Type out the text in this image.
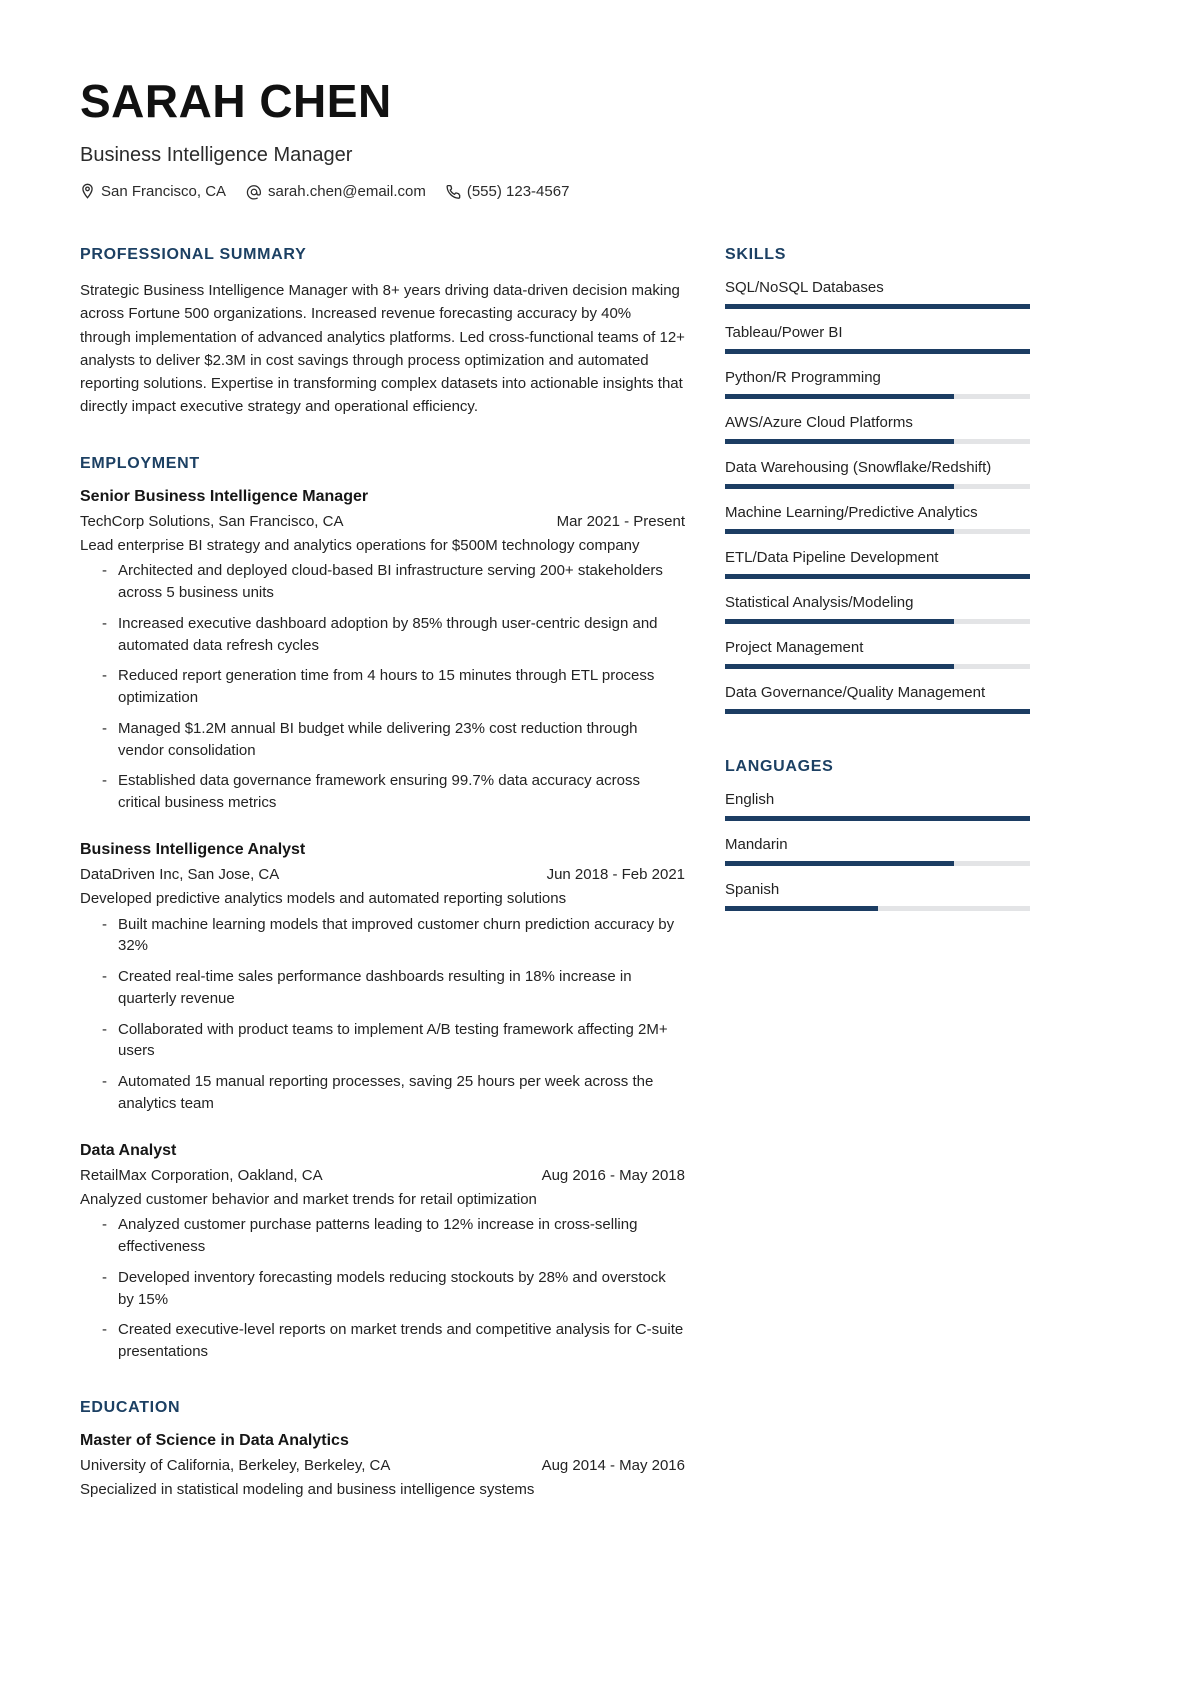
SARAH CHEN
Business Intelligence Manager
San Francisco, CA	sarah.chen@email.com	(555) 123-4567
PROFESSIONAL SUMMARY
Strategic Business Intelligence Manager with 8+ years driving data-driven decision making across Fortune 500 organizations. Increased revenue forecasting accuracy by 40% through implementation of advanced analytics platforms. Led cross-functional teams of 12+ analysts to deliver $2.3M in cost savings through process optimization and automated reporting solutions. Expertise in transforming complex datasets into actionable insights that directly impact executive strategy and operational efficiency.
EMPLOYMENT
Senior Business Intelligence Manager
TechCorp Solutions, San Francisco, CA	Mar 2021 - Present
Lead enterprise BI strategy and analytics operations for $500M technology company
- Architected and deployed cloud-based BI infrastructure serving 200+ stakeholders across 5 business units
- Increased executive dashboard adoption by 85% through user-centric design and automated data refresh cycles
- Reduced report generation time from 4 hours to 15 minutes through ETL process optimization
- Managed $1.2M annual BI budget while delivering 23% cost reduction through vendor consolidation
- Established data governance framework ensuring 99.7% data accuracy across critical business metrics
Business Intelligence Analyst
DataDriven Inc, San Jose, CA	Jun 2018 - Feb 2021
Developed predictive analytics models and automated reporting solutions
- Built machine learning models that improved customer churn prediction accuracy by 32%
- Created real-time sales performance dashboards resulting in 18% increase in quarterly revenue
- Collaborated with product teams to implement A/B testing framework affecting 2M+ users
- Automated 15 manual reporting processes, saving 25 hours per week across the analytics team
Data Analyst
RetailMax Corporation, Oakland, CA	Aug 2016 - May 2018
Analyzed customer behavior and market trends for retail optimization
- Analyzed customer purchase patterns leading to 12% increase in cross-selling effectiveness
- Developed inventory forecasting models reducing stockouts by 28% and overstock by 15%
- Created executive-level reports on market trends and competitive analysis for C-suite presentations
EDUCATION
Master of Science in Data Analytics
University of California, Berkeley, Berkeley, CA	Aug 2014 - May 2016
Specialized in statistical modeling and business intelligence systems
SKILLS
SQL/NoSQL Databases
Tableau/Power BI
Python/R Programming
AWS/Azure Cloud Platforms
Data Warehousing (Snowflake/Redshift)
Machine Learning/Predictive Analytics
ETL/Data Pipeline Development
Statistical Analysis/Modeling
Project Management
Data Governance/Quality Management
LANGUAGES
English
Mandarin
Spanish
